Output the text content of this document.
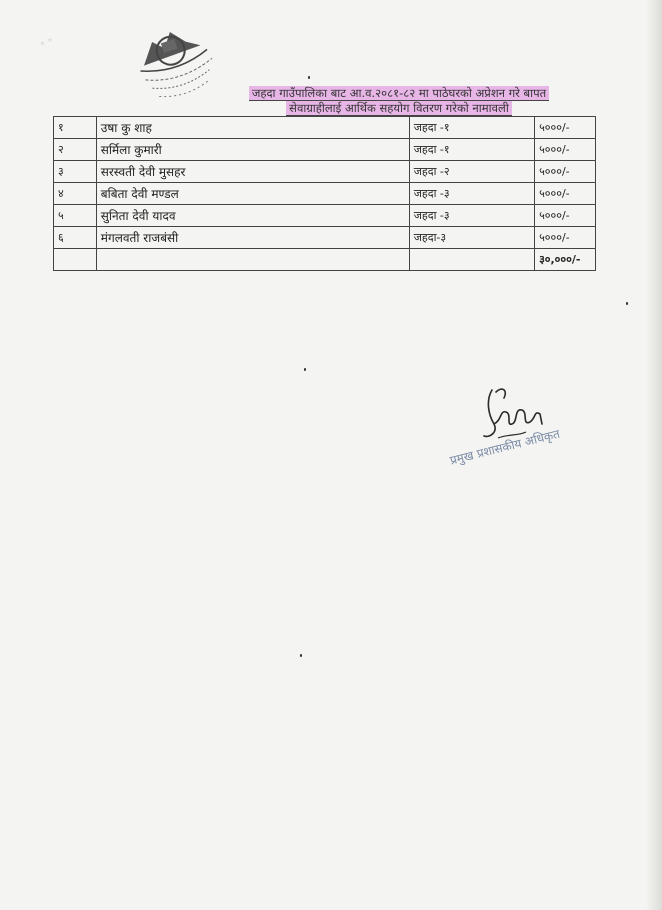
◦ ◦
जहदा गाउँपालिका बाट आ.व.२०८१-८२ मा पाठेघरको अप्रेशन गरे बापत
सेवाग्राहीलाई आर्थिक सहयोग वितरण गरेको नामावली
१	उषा कु शाह	जहदा -१	५०००/-
२	सर्मिला कुमारी	जहदा -१	५०००/-
३	सरस्वती देवी मुसहर	जहदा -२	५०००/-
४	बबिता देवी मण्डल	जहदा -३	५०००/-
५	सुनिता देवी यादव	जहदा -३	५०००/-
६	मंगलवती राजबंसी	जहदा-३	५०००/-
			३०,०००/-
प्रमुख प्रशासकीय अधिकृत
